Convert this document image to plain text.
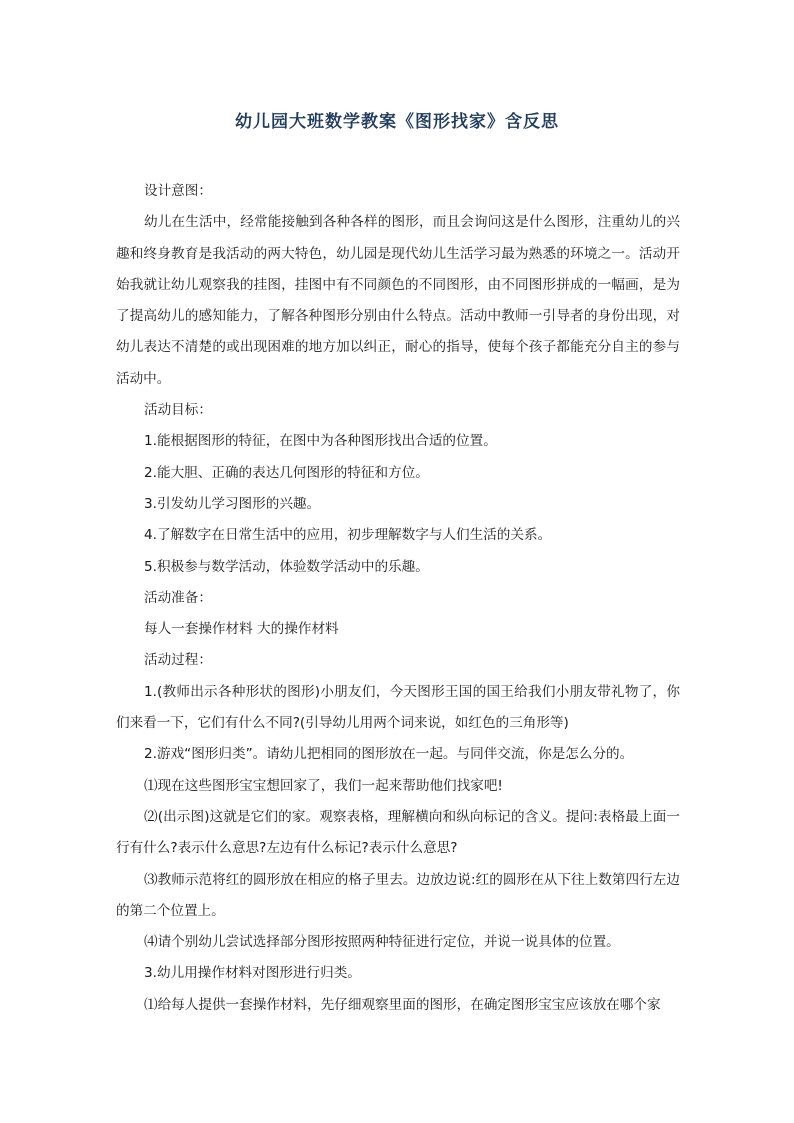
幼儿园大班数学教案《图形找家》含反思

设计意图：

幼儿在生活中，经常能接触到各种各样的图形，而且会询问这是什么图形，注重幼儿的兴趣和终身教育是我活动的两大特色，幼儿园是现代幼儿生活学习最为熟悉的环境之一。活动开始我就让幼儿观察我的挂图，挂图中有不同颜色的不同图形，由不同图形拼成的一幅画，是为了提高幼儿的感知能力，了解各种图形分别由什么特点。活动中教师一引导者的身份出现，对幼儿表达不清楚的或出现困难的地方加以纠正，耐心的指导，使每个孩子都能充分自主的参与活动中。

活动目标：

1.能根据图形的特征，在图中为各种图形找出合适的位置。

2.能大胆、正确的表达几何图形的特征和方位。

3.引发幼儿学习图形的兴趣。

4.了解数字在日常生活中的应用，初步理解数字与人们生活的关系。

5.积极参与数学活动，体验数学活动中的乐趣。

活动准备：

每人一套操作材料 大的操作材料

活动过程：

1.(教师出示各种形状的图形)小朋友们，今天图形王国的国王给我们小朋友带礼物了，你们来看一下，它们有什么不同?(引导幼儿用两个词来说，如红色的三角形等)

2.游戏“图形归类”。请幼儿把相同的图形放在一起。与同伴交流，你是怎么分的。

⑴现在这些图形宝宝想回家了，我们一起来帮助他们找家吧!

⑵(出示图)这就是它们的家。观察表格，理解横向和纵向标记的含义。提问:表格最上面一行有什么?表示什么意思?左边有什么标记?表示什么意思?

⑶教师示范将红的圆形放在相应的格子里去。边放边说:红的圆形在从下往上数第四行左边的第二个位置上。

⑷请个别幼儿尝试选择部分图形按照两种特征进行定位，并说一说具体的位置。

3.幼儿用操作材料对图形进行归类。

⑴给每人提供一套操作材料，先仔细观察里面的图形，在确定图形宝宝应该放在哪个家
